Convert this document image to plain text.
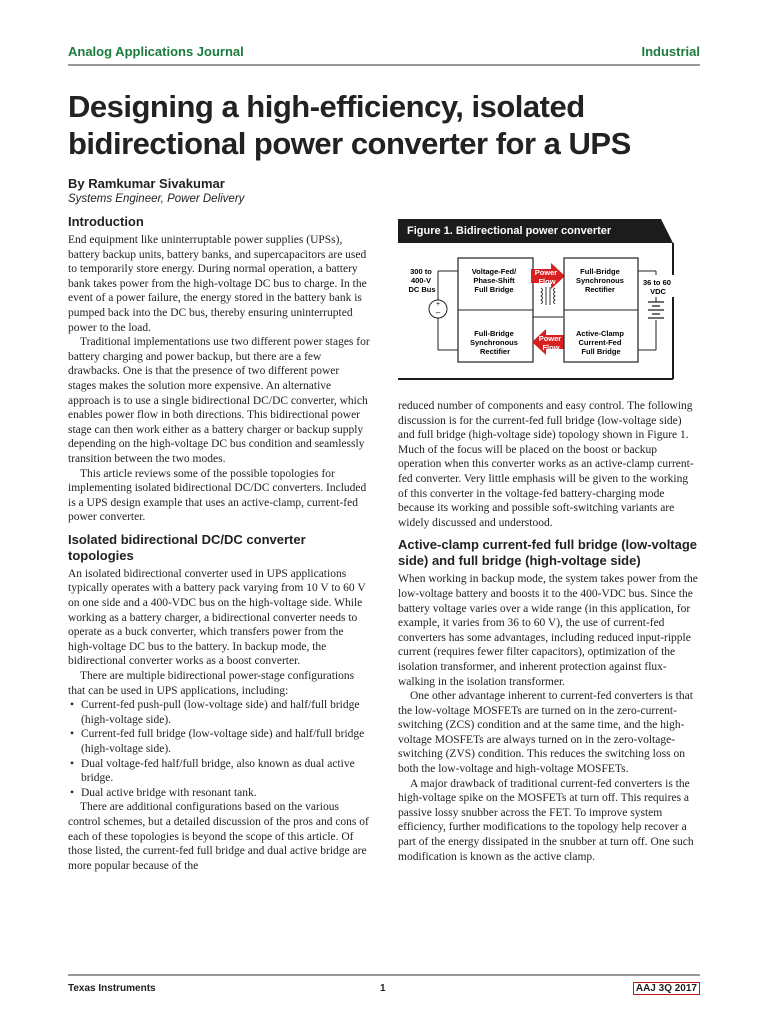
Analog Applications Journal	Industrial
Designing a high-efficiency, isolated bidirectional power converter for a UPS
By Ramkumar Sivakumar
Systems Engineer, Power Delivery
Introduction

End equipment like uninterruptable power supplies (UPSs), battery backup units, battery banks, and supercapacitors are used to temporarily store energy. During normal operation, a battery bank takes power from the high-voltage DC bus to charge. In the event of a power failure, the energy stored in the battery bank is pumped back into the DC bus, thereby ensuring uninterrupted power to the load.

Traditional implementations use two different power stages for battery charging and power backup, but there are a few drawbacks. One is that the presence of two different power stages makes the solution more expensive. An alternative approach is to use a single bidirectional DC/DC converter, which enables power flow in both directions. This bidirectional power stage can then work either as a battery charger or backup supply depending on the high-voltage DC bus condition and seamlessly transition between the two modes.

This article reviews some of the possible topologies for implementing isolated bidirectional DC/DC converters. Included is a UPS design example that uses an active-clamp, current-fed power converter.

Isolated bidirectional DC/DC converter topologies

An isolated bidirectional converter used in UPS applications typically operates with a battery pack varying from 10 V to 60 V on one side and a 400-VDC bus on the high-voltage side. While working as a battery charger, a bidirectional converter needs to operate as a buck converter, which transfers power from the high-voltage DC bus to the battery. In backup mode, the bidirectional converter works as a boost converter.

There are multiple bidirectional power-stage configurations that can be used in UPS applications, including:

• Current-fed push-pull (low-voltage side) and half/full bridge (high-voltage side).
• Current-fed full bridge (low-voltage side) and half/full bridge (high-voltage side).
• Dual voltage-fed half/full bridge, also known as dual active bridge.
• Dual active bridge with resonant tank.

There are additional configurations based on the various control schemes, but a detailed discussion of the pros and cons of each of these topologies is beyond the scope of this article. Of those listed, the current-fed full bridge and dual active bridge are more popular because of the

Figure 1. Bidirectional power converter
+
–
300 to 400-V DC Bus
Voltage-Fed/ Phase-Shift Full Bridge Full-Bridge Synchronous Rectifier
Power Flow
Power Flow
Full-Bridge Synchronous Rectifier Active-Clamp Current-Fed Full Bridge
36 to 60 VDC

reduced number of components and easy control. The following discussion is for the current-fed full bridge (low-voltage side) and full bridge (high-voltage side) topology shown in Figure 1. Much of the focus will be placed on the boost or backup operation when this converter works as an active-clamp current-fed converter. Very little emphasis will be given to the working of this converter in the voltage-fed battery-charging mode because its working and possible soft-switching variants are widely discussed and understood.

Active-clamp current-fed full bridge (low-voltage side) and full bridge (high-voltage side)

When working in backup mode, the system takes power from the low-voltage battery and boosts it to the 400-VDC bus. Since the battery voltage varies over a wide range (in this application, for example, it varies from 36 to 60 V), the use of current-fed converters has some advantages, including reduced input-ripple current (requires fewer filter capacitors), optimization of the isolation transformer, and inherent protection against flux-walking in the isolation transformer.

One other advantage inherent to current-fed converters is that the low-voltage MOSFETs are turned on in the zero-current-switching (ZCS) condition and at the same time, and the high-voltage MOSFETs are always turned on in the zero-voltage-switching (ZVS) condition. This reduces the switching loss on both the low-voltage and high-voltage MOSFETs.

A major drawback of traditional current-fed converters is the high-voltage spike on the MOSFETs at turn off. This requires a passive lossy snubber across the FET. To improve system efficiency, further modifications to the topology help recover a part of the energy dissipated in the snubber at turn off. One such modification is known as the active clamp.

Texas Instruments	1	AAJ 3Q 2017
